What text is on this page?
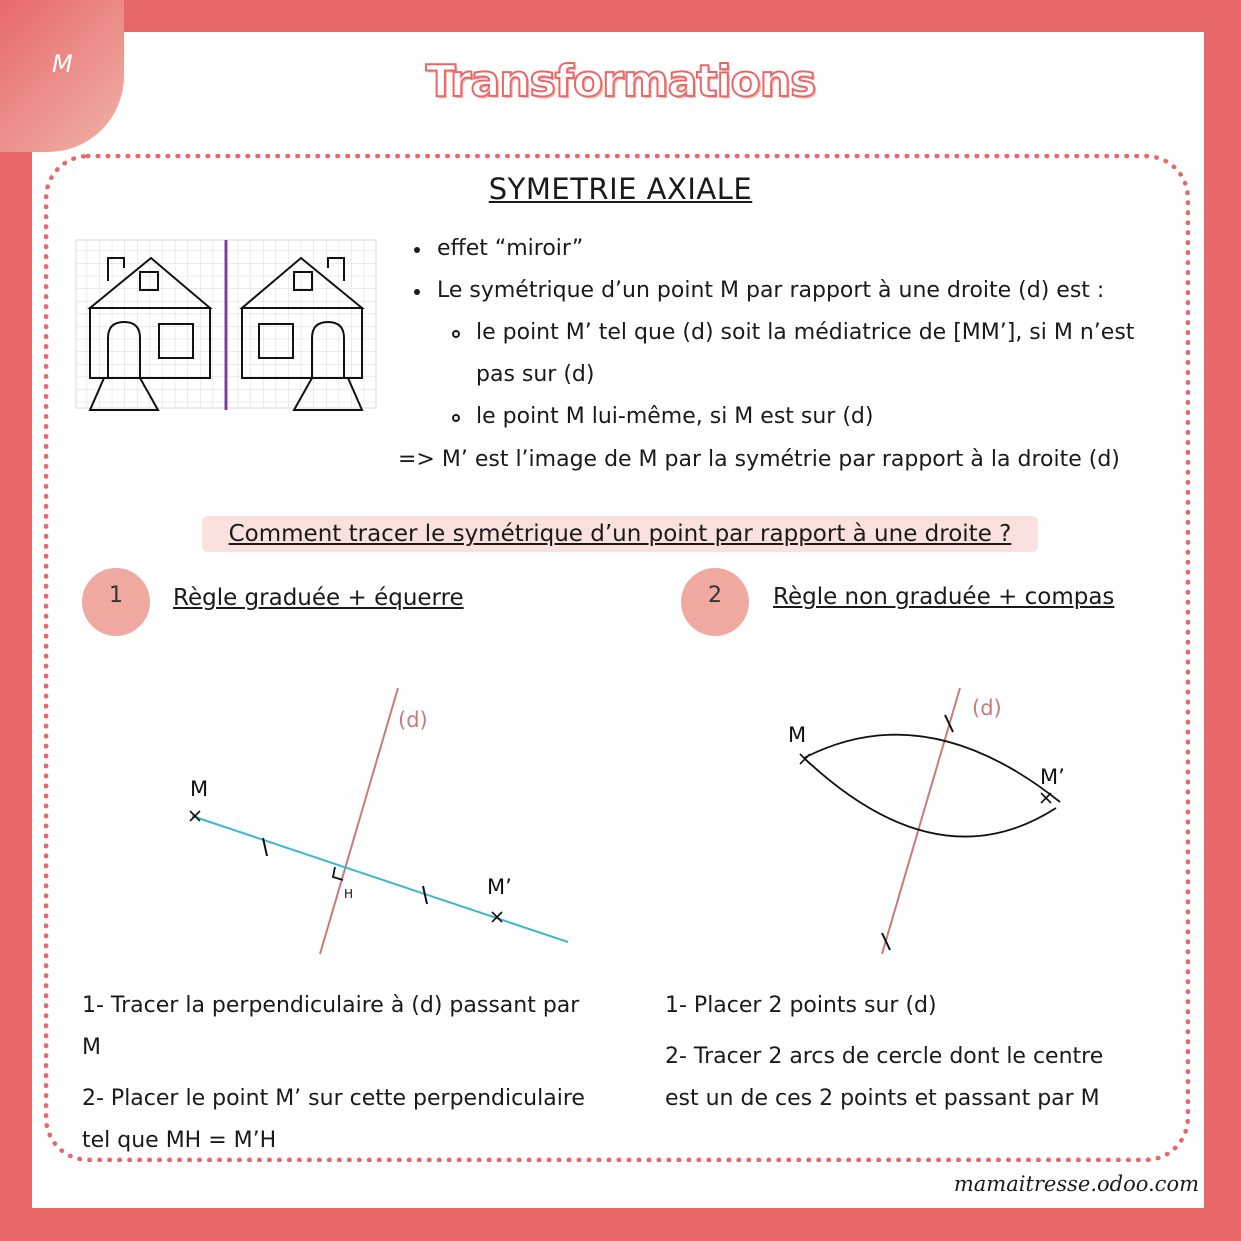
M	Transformations
SYMETRIE AXIALE
effet “miroir”
Le symétrique d’un point M par rapport à une droite (d) est :
le point M’ tel que (d) soit la médiatrice de [MM’], si M n’est
pas sur (d)
le point M lui-même, si M est sur (d)
=> M’ est l’image de M par la symétrie par rapport à la droite (d)
Comment tracer le symétrique d’un point par rapport à une droite ?
1	Règle graduée + équerre	2	Règle non graduée + compas
(d)
M
H	M’
(d)
M
M’
1- Tracer la perpendiculaire à (d) passant par
M
2- Placer le point M’ sur cette perpendiculaire
tel que MH = M’H
1- Placer 2 points sur (d)
2- Tracer 2 arcs de cercle dont le centre
est un de ces 2 points et passant par M
mamaitresse.odoo.com
